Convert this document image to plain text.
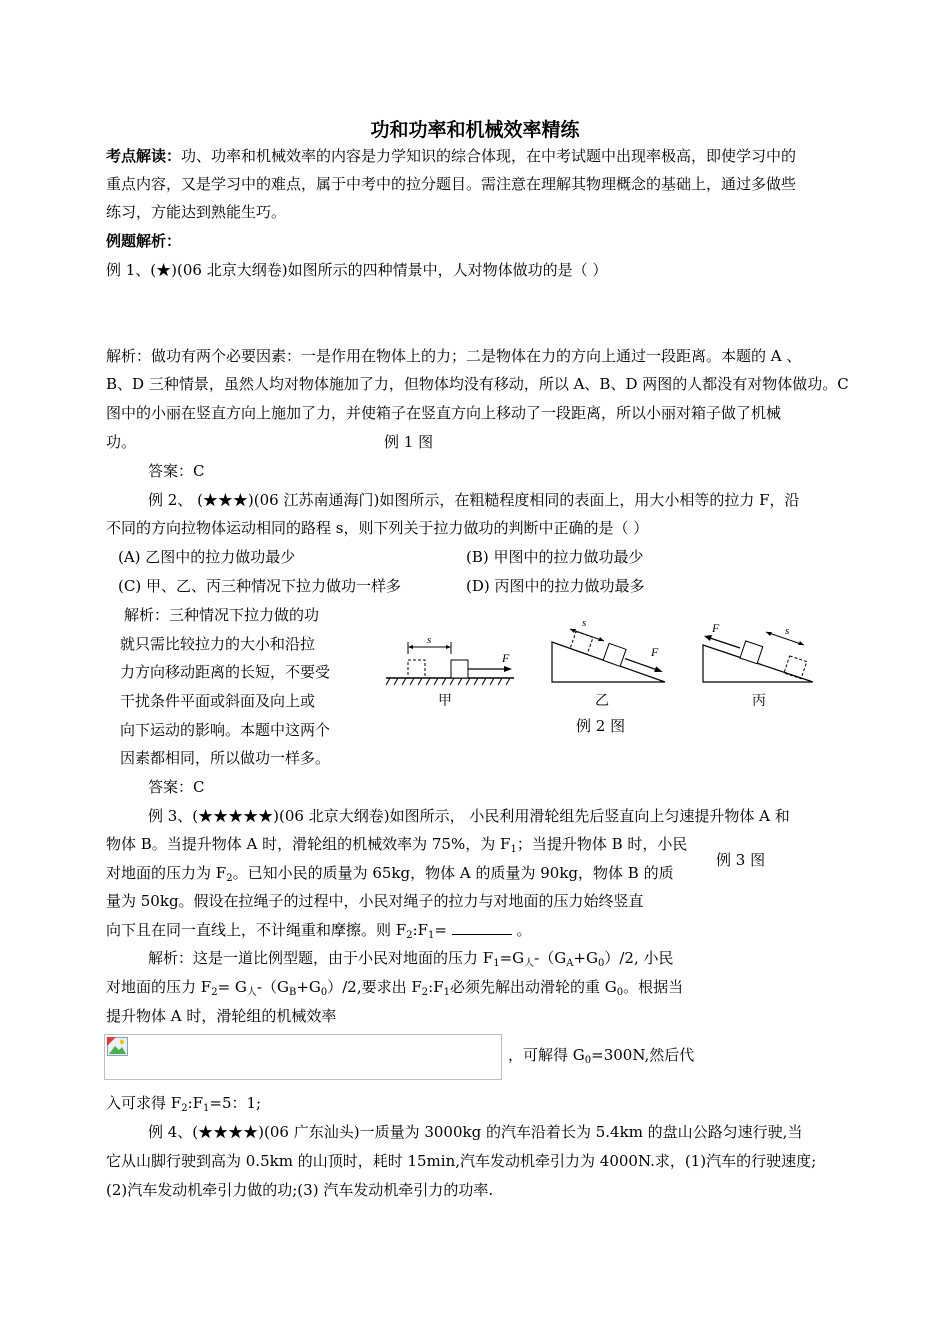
功和功率和机械效率精练
考点解读：功、功率和机械效率的内容是力学知识的综合体现，在中考试题中出现率极高，即使学习中的
重点内容，又是学习中的难点，属于中考中的拉分题目。需注意在理解其物理概念的基础上，通过多做些
练习，方能达到熟能生巧。
例题解析：
例 1、(★)(06 北京大纲卷)如图所示的四种情景中，人对物体做功的是（ ）
解析：做功有两个必要因素：一是作用在物体上的力；二是物体在力的方向上通过一段距离。本题的 A 、
B、D 三种情景，虽然人均对物体施加了力，但物体均没有移动，所以 A、B、D 两图的人都没有对物体做功。C
图中的小丽在竖直方向上施加了力，并使箱子在竖直方向上移动了一段距离，所以小丽对箱子做了机械
功。	例 1 图
答案：C
例 2、 (★★★)(06 江苏南通海门)如图所示，在粗糙程度相同的表面上，用大小相等的拉力 F，沿
不同的方向拉物体运动相同的路程 s，则下列关于拉力做功的判断中正确的是（ ）
(A) 乙图中的拉力做功最少	(B) 甲图中的拉力做功最少
(C) 甲、乙、丙三种情况下拉力做功一样多	(D) 丙图中的拉力做功最多
解析：三种情况下拉力做的功
就只需比较拉力的大小和沿拉
力方向移动距离的长短，不要受
干扰条件平面或斜面及向上或
向下运动的影响。本题中这两个
因素都相同，所以做功一样多。
s
F
s
F
F	s
甲	乙	丙
例 2 图
答案：C
例 3、(★★★★★)(06 北京大纲卷)如图所示， 小民利用滑轮组先后竖直向上匀速提升物体 A 和
物体 B。当提升物体 A 时，滑轮组的机械效率为 75%，为 $F_1$；当提升物体 B 时，小民
对地面的压力为 $F_2$。已知小民的质量为 65kg，物体 A 的质量为 90kg，物体 B 的质
例 3 图
量为 50kg。假设在拉绳子的过程中，小民对绳子的拉力与对地面的压力始终竖直
向下且在同一直线上，不计绳重和摩擦。则 $F_2:F_1=$	。
解析：这是一道比例型题，由于小民对地面的压力 $F_1=G_人-(G_A+G_0)/2$, 小民
对地面的压力 $F_2= G_人-(G_B+G_0)/2$,要求出 $F_2:F_1$必须先解出动滑轮的重 $G_0$。根据当
提升物体 A 时，滑轮组的机械效率
，可解得 $G_0=300N$,然后代
入可求得 $F_2:F_1=5$：1;
例 4、(★★★★)(06 广东汕头)一质量为 3000kg 的汽车沿着长为 5.4km 的盘山公路匀速行驶,当
它从山脚行驶到高为 0.5km 的山顶时，耗时 15min,汽车发动机牵引力为 4000N.求，(1)汽车的行驶速度;
(2)汽车发动机牵引力做的功;(3) 汽车发动机牵引力的功率.
